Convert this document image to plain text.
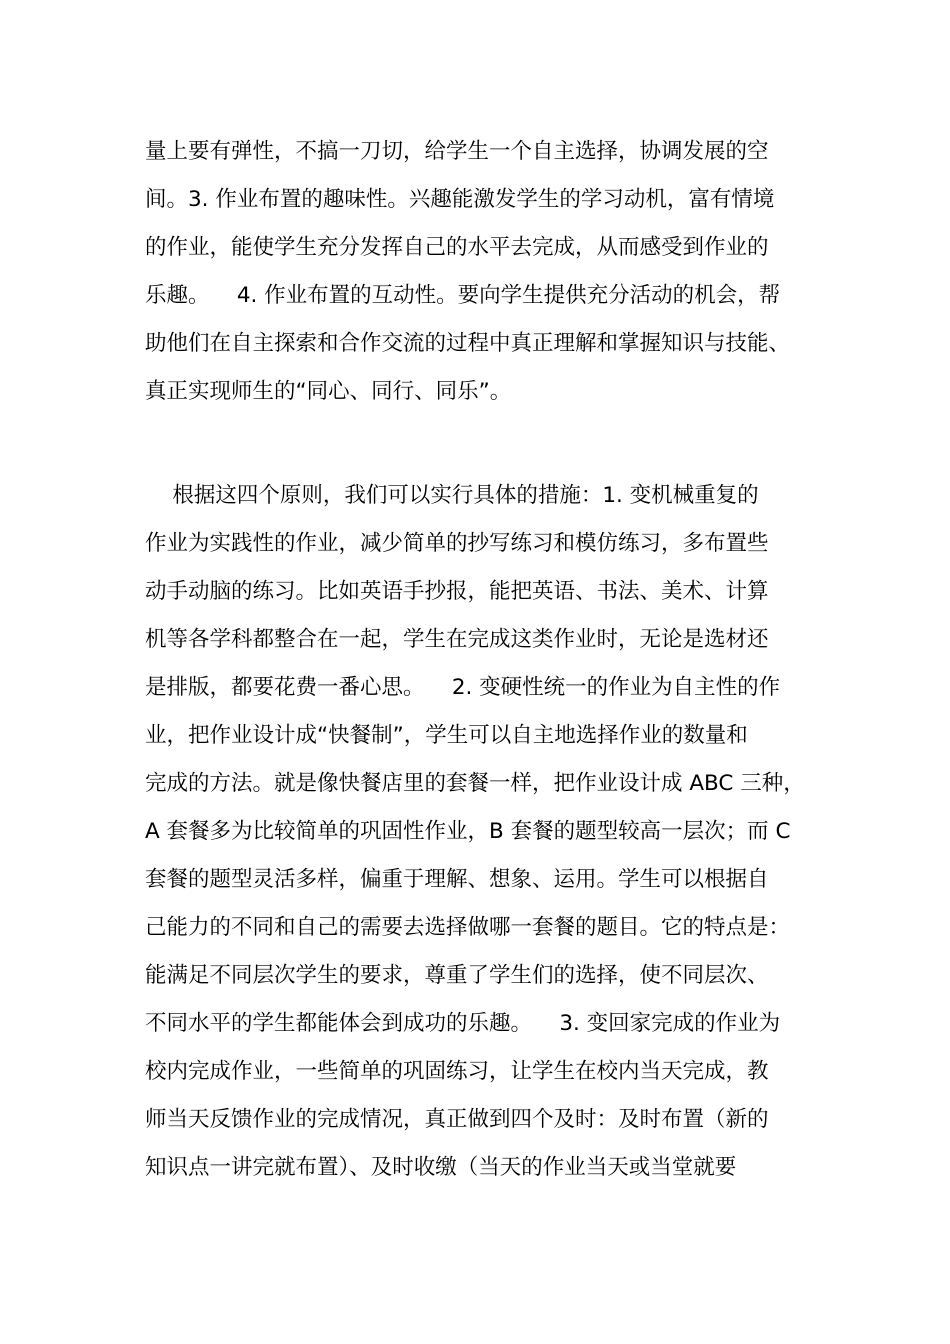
量上要有弹性，不搞一刀切，给学生一个自主选择，协调发展的空
间。3. 作业布置的趣味性。兴趣能激发学生的学习动机，富有情境
的作业，能使学生充分发挥自己的水平去完成，从而感受到作业的
乐趣。    4. 作业布置的互动性。要向学生提供充分活动的机会，帮
助他们在自主探索和合作交流的过程中真正理解和掌握知识与技能、
真正实现师生的“同心、同行、同乐”。
根据这四个原则，我们可以实行具体的措施：1. 变机械重复的
作业为实践性的作业，减少简单的抄写练习和模仿练习，多布置些
动手动脑的练习。比如英语手抄报，能把英语、书法、美术、计算
机等各学科都整合在一起，学生在完成这类作业时，无论是选材还
是排版，都要花费一番心思。    2. 变硬性统一的作业为自主性的作
业，把作业设计成“快餐制”，学生可以自主地选择作业的数量和
完成的方法。就是像快餐店里的套餐一样，把作业设计成 ABC 三种，
A 套餐多为比较简单的巩固性作业，B 套餐的题型较高一层次；而 C
套餐的题型灵活多样，偏重于理解、想象、运用。学生可以根据自
己能力的不同和自己的需要去选择做哪一套餐的题目。它的特点是：
能满足不同层次学生的要求，尊重了学生们的选择，使不同层次、
不同水平的学生都能体会到成功的乐趣。    3. 变回家完成的作业为
校内完成作业，一些简单的巩固练习，让学生在校内当天完成，教
师当天反馈作业的完成情况，真正做到四个及时：及时布置（新的
知识点一讲完就布置）、及时收缴（当天的作业当天或当堂就要
